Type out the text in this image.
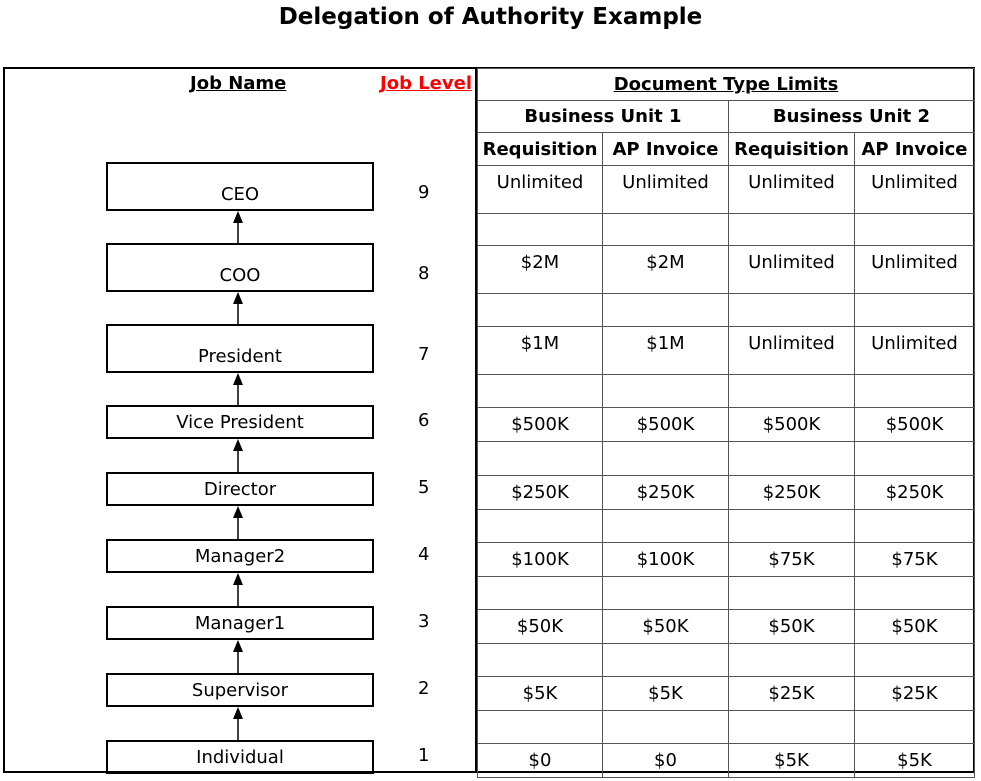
Delegation of Authority Example
Job Name	Job Level
CEO	9
COO	8
President	7
Vice President	6
Director	5
Manager2	4
Manager1	3
Supervisor	2
Individual	1
Document Type Limits			
Business Unit 1		Business Unit 2	
Requisition	AP Invoice	Requisition	AP Invoice

Unlimited	Unlimited	Unlimited	Unlimited

$2M	$2M	Unlimited	Unlimited

$1M	$1M	Unlimited	Unlimited

$500K	$500K	$500K	$500K

$250K	$250K	$250K	$250K

$100K	$100K	$75K	$75K

$50K	$50K	$50K	$50K

$5K	$5K	$25K	$25K

$0	$0	$5K	$5K
